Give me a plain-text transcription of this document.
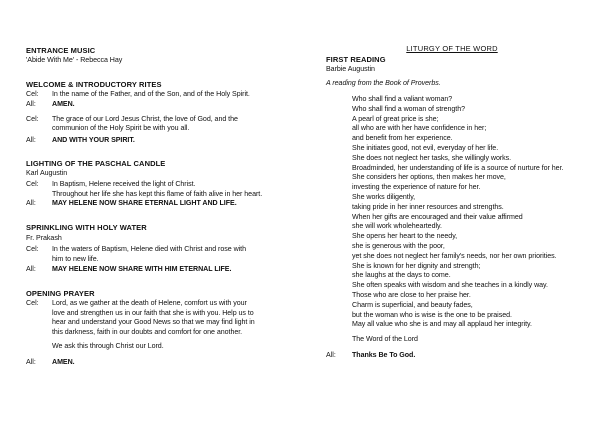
ENTRANCE MUSIC
'Abide With Me' - Rebecca Hay
WELCOME & INTRODUCTORY RITES
Cel: In the name of the Father, and of the Son, and of the Holy Spirit.
All: AMEN.
Cel: The grace of our Lord Jesus Christ, the love of God, and the
communion of the Holy Spirit be with you all.
All: AND WITH YOUR SPIRIT.
LIGHTING OF THE PASCHAL CANDLE
Karl Augustin
Cel: In Baptism, Helene received the light of Christ.
Throughout her life she has kept this flame of faith alive in her heart.
All: MAY HELENE NOW SHARE ETERNAL LIGHT AND LIFE.
SPRINKLING WITH HOLY WATER
Fr. Prakash
Cel: In the waters of Baptism, Helene died with Christ and rose with
him to new life.
All: MAY HELENE NOW SHARE WITH HIM ETERNAL LIFE.
OPENING PRAYER
Cel: Lord, as we gather at the death of Helene, comfort us with your
love and strengthen us in our faith that she is with you. Help us to
hear and understand your Good News so that we may find light in
this darkness, faith in our doubts and comfort for one another.
We ask this through Christ our Lord.
All: AMEN.
LITURGY OF THE WORD
FIRST READING
Barbie Augustin
A reading from the Book of Proverbs.
Who shall find a valiant woman?
Who shall find a woman of strength?
A pearl of great price is she;
all who are with her have confidence in her;
and benefit from her experience.
She initiates good, not evil, everyday of her life.
She does not neglect her tasks, she willingly works.
Broadminded, her understanding of life is a source of nurture for her.
She considers her options, then makes her move,
investing the experience of nature for her.
She works diligently,
taking pride in her inner resources and strengths.
When her gifts are encouraged and their value affirmed
she will work wholeheartedly.
She opens her heart to the needy,
she is generous with the poor,
yet she does not neglect her family's needs, nor her own priorities.
She is known for her dignity and strength;
she laughs at the days to come.
She often speaks with wisdom and she teaches in a kindly way.
Those who are close to her praise her.
Charm is superficial, and beauty fades,
but the woman who is wise is the one to be praised.
May all value who she is and may all applaud her integrity.
The Word of the Lord
All: Thanks Be To God.
